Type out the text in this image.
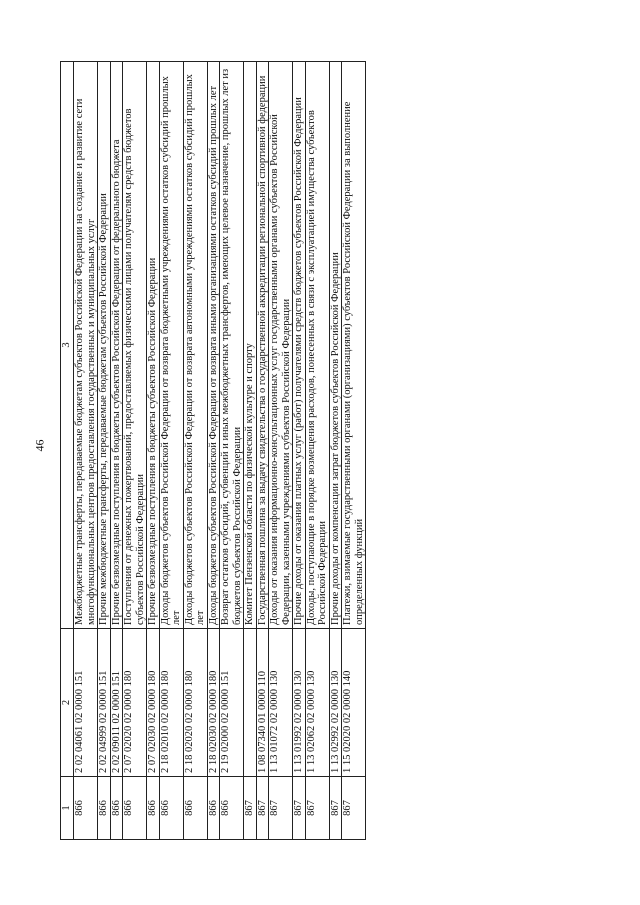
46
1	2	3
866	2 02 04061 02 0000 151	Межбюджетные трансферты, передаваемые бюджетам субъектов Российской Федерации на создание и развитие сети многофункциональных центров предоставления государственных и муниципальных услуг
866	2 02 04999 02 0000 151	Прочие межбюджетные трансферты, передаваемые бюджетам субъектов Российской Федерации
866	2 02 09011 02 0000 151	Прочие безвозмездные поступления в бюджеты субъектов Российской Федерации от федерального бюджета
866	2 07 02020 02 0000 180	Поступления от денежных пожертвований, предоставляемых физическими лицами получателям средств бюджетов субъектов Российской Федерации
866	2 07 02030 02 0000 180	Прочие безвозмездные поступления в бюджеты субъектов Российской Федерации
866	2 18 02010 02 0000 180	Доходы бюджетов субъектов Российской Федерации от возврата бюджетными учреждениями остатков субсидий прошлых лет
866	2 18 02020 02 0000 180	Доходы бюджетов субъектов Российской Федерации от возврата автономными учреждениями остатков субсидий прошлых лет
866	2 18 02030 02 0000 180	Доходы бюджетов субъектов Российской Федерации от возврата иными организациями остатков субсидий прошлых лет
866	2 19 02000 02 0000 151	Возврат остатков субсидий, субвенций и иных межбюджетных трансфертов, имеющих целевое назначение, прошлых лет из бюджетов субъектов Российской Федерации
867		Комитет Пензенской области по физической культуре и спорту
867	1 08 07340 01 0000 110	Государственная пошлина за выдачу свидетельства о государственной аккредитации региональной спортивной федерации
867	1 13 01072 02 0000 130	Доходы от оказания информационно-консультационных услуг государственными органами субъектов Российской Федерации, казенными учреждениями субъектов Российской Федерации
867	1 13 01992 02 0000 130	Прочие доходы от оказания платных услуг (работ) получателями средств бюджетов субъектов Российской Федерации
867	1 13 02062 02 0000 130	Доходы, поступающие в порядке возмещения расходов, понесенных в связи с эксплуатацией имущества субъектов Российской Федерации
867	1 13 02992 02 0000 130	Прочие доходы от компенсации затрат бюджетов субъектов Российской Федерации
867	1 15 02020 02 0000 140	Платежи, взимаемые государственными органами (организациями) субъектов Российской Федерации за выполнение определенных функций
